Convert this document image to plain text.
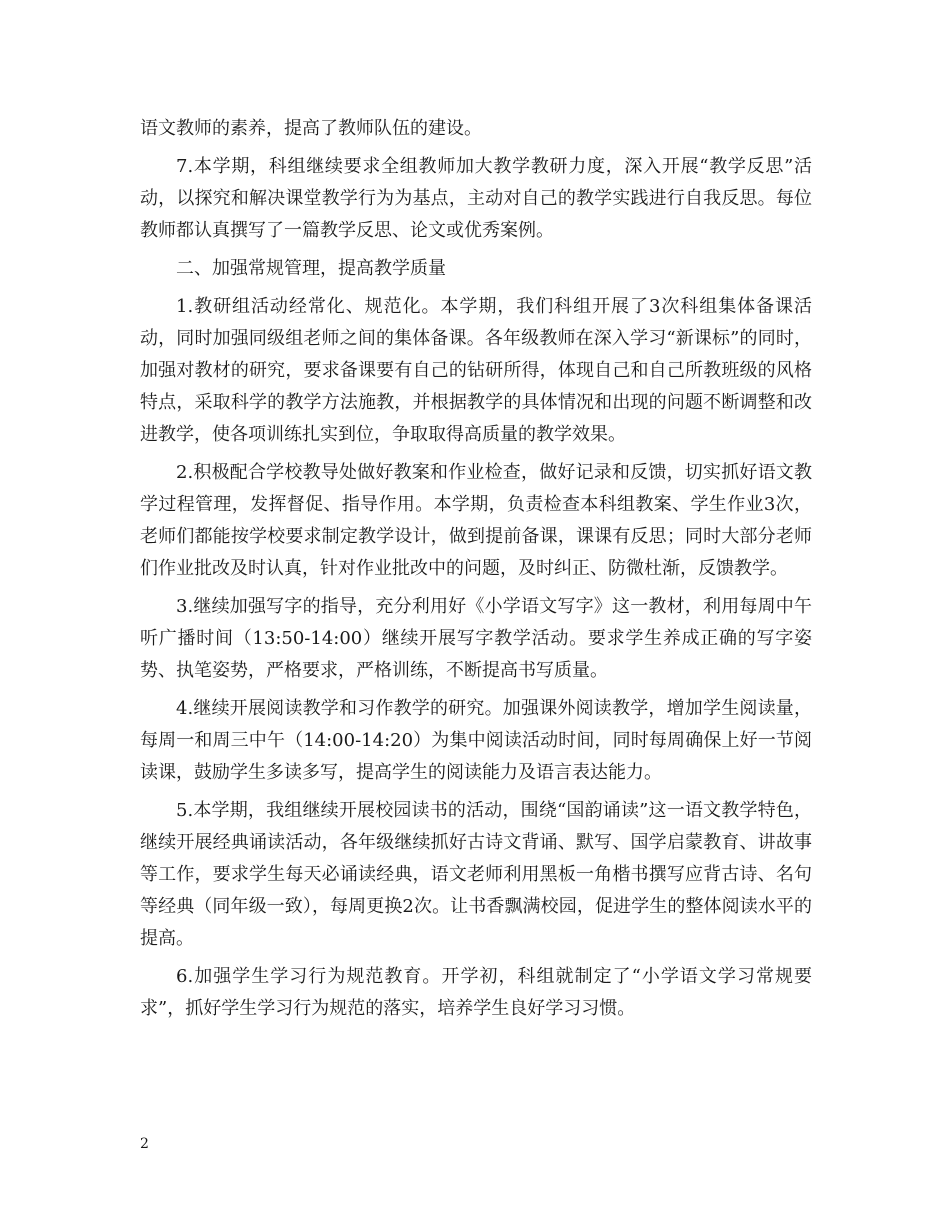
语文教师的素养，提高了教师队伍的建设。

7.本学期，科组继续要求全组教师加大教学教研力度，深入开展“教学反思”活动，以探究和解决课堂教学行为为基点，主动对自己的教学实践进行自我反思。每位教师都认真撰写了一篇教学反思、论文或优秀案例。

二、加强常规管理，提高教学质量

1.教研组活动经常化、规范化。本学期，我们科组开展了3次科组集体备课活动，同时加强同级组老师之间的集体备课。各年级教师在深入学习“新课标”的同时，加强对教材的研究，要求备课要有自己的钻研所得，体现自己和自己所教班级的风格特点，采取科学的教学方法施教，并根据教学的具体情况和出现的问题不断调整和改进教学，使各项训练扎实到位，争取取得高质量的教学效果。

2.积极配合学校教导处做好教案和作业检查，做好记录和反馈，切实抓好语文教学过程管理，发挥督促、指导作用。本学期，负责检查本科组教案、学生作业3次，老师们都能按学校要求制定教学设计，做到提前备课，课课有反思；同时大部分老师们作业批改及时认真，针对作业批改中的问题，及时纠正、防微杜渐，反馈教学。

3.继续加强写字的指导，充分利用好《小学语文写字》这一教材，利用每周中午听广播时间（13:50-14:00）继续开展写字教学活动。要求学生养成正确的写字姿势、执笔姿势，严格要求，严格训练，不断提高书写质量。

4.继续开展阅读教学和习作教学的研究。加强课外阅读教学，增加学生阅读量，每周一和周三中午（14:00-14:20）为集中阅读活动时间，同时每周确保上好一节阅读课，鼓励学生多读多写，提高学生的阅读能力及语言表达能力。

5.本学期，我组继续开展校园读书的活动，围绕“国韵诵读”这一语文教学特色，继续开展经典诵读活动，各年级继续抓好古诗文背诵、默写、国学启蒙教育、讲故事等工作，要求学生每天必诵读经典，语文老师利用黑板一角楷书撰写应背古诗、名句等经典（同年级一致），每周更换2次。让书香飘满校园，促进学生的整体阅读水平的提高。

6.加强学生学习行为规范教育。开学初，科组就制定了“小学语文学习常规要求”，抓好学生学习行为规范的落实，培养学生良好学习习惯。

2
